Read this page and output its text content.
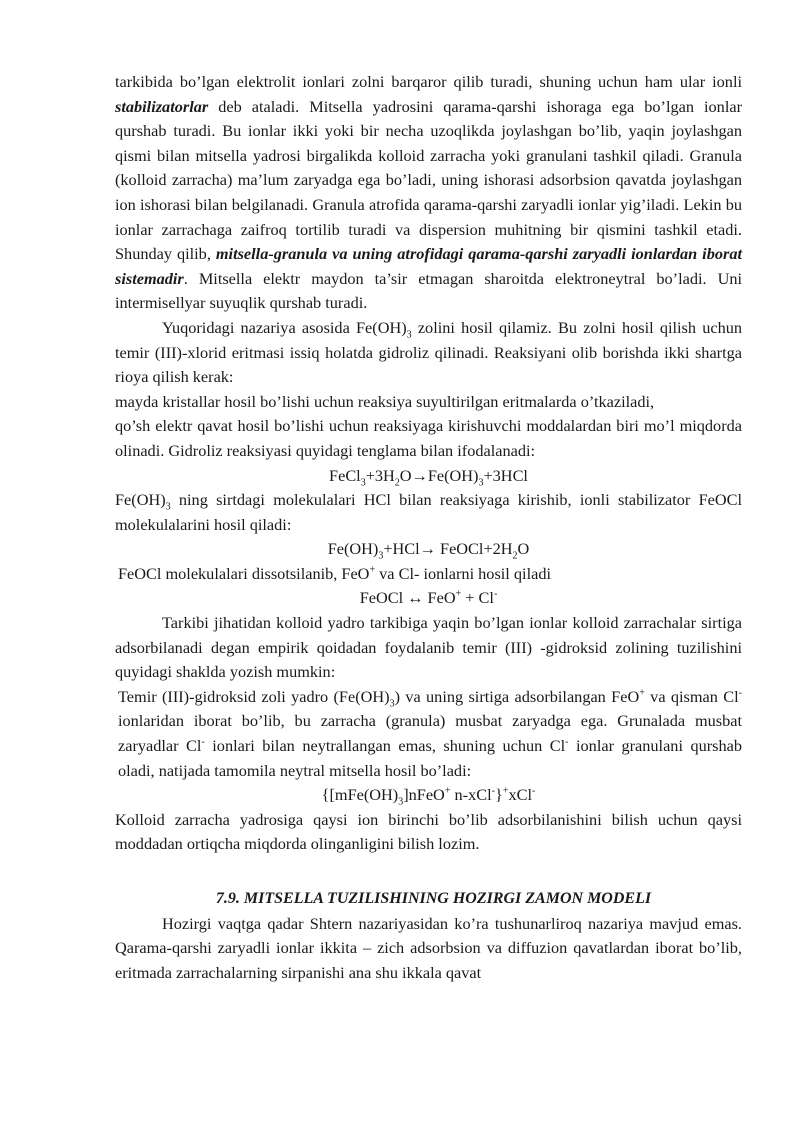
tarkibida bo’lgan elektrolit ionlari zolni barqaror qilib turadi, shuning uchun ham ular ionli stabilizatorlar deb ataladi. Mitsella yadrosini qarama-qarshi ishoraga ega bo’lgan ionlar qurshab turadi. Bu ionlar ikki yoki bir necha uzoqlikda joylashgan bo’lib, yaqin joylashgan qismi bilan mitsella yadrosi birgalikda kolloid zarracha yoki granulani tashkil qiladi. Granula (kolloid zarracha) ma’lum zaryadga ega bo’ladi, uning ishorasi adsorbsion qavatda joylashgan ion ishorasi bilan belgilanadi. Granula atrofida qarama-qarshi zaryadli ionlar yig’iladi. Lekin bu ionlar zarrachaga zaifroq tortilib turadi va dispersion muhitning bir qismini tashkil etadi. Shunday qilib, mitsella-granula va uning atrofidagi qarama-qarshi zaryadli ionlardan iborat sistemadir. Mitsella elektr maydon ta’sir etmagan sharoitda elektroneytral bo’ladi. Uni intermisellyar suyuqlik qurshab turadi.

Yuqoridagi nazariya asosida $Fe(OH)_3$ zolini hosil qilamiz. Bu zolni hosil qilish uchun temir (III)-xlorid eritmasi issiq holatda gidroliz qilinadi. Reaksiyani olib borishda ikki shartga rioya qilish kerak:

mayda kristallar hosil bo’lishi uchun reaksiya suyultirilgan eritmalarda o’tkaziladi,

qo’sh elektr qavat hosil bo’lishi uchun reaksiyaga kirishuvchi moddalardan biri mo’l miqdorda olinadi. Gidroliz reaksiyasi quyidagi tenglama bilan ifodalanadi:

$FeCl_3+3H_2O\to Fe(OH)_3+3HCl$

$Fe(OH)_3$ ning sirtdagi molekulalari HCl bilan reaksiyaga kirishib, ionli stabilizator FeOCl molekulalarini hosil qiladi:

$Fe(OH)_3+HCl\to$ $FeOCl+2H_2O$

FeOCl molekulalari dissotsilanib, FeO+ va Cl- ionlarni hosil qiladi

FeOCl ↔ FeO+ + Cl-

Tarkibi jihatidan kolloid yadro tarkibiga yaqin bo’lgan ionlar kolloid zarrachalar sirtiga adsorbilanadi degan empirik qoidadan foydalanib temir (III) -gidroksid zolining tuzilishini quyidagi shaklda yozish mumkin:

Temir (III)-gidroksid zoli yadro $(Fe(OH)_3)$ va uning sirtiga adsorbilangan FeO+ va qisman Cl- ionlaridan iborat bo’lib, bu zarracha (granula) musbat zaryadga ega. Grunalada musbat zaryadlar Cl- ionlari bilan neytrallangan emas, shuning uchun Cl- ionlar granulani qurshab oladi, natijada tamomila neytral mitsella hosil bo’ladi:

{$[mFe(OH)_3]nFeO^+$ n-xCl-}+xCl-

Kolloid zarracha yadrosiga qaysi ion birinchi bo’lib adsorbilanishini bilish uchun qaysi moddadan ortiqcha miqdorda olinganligini bilish lozim.

7.9. MITSELLA TUZILISHINING HOZIRGI ZAMON MODELI

Hozirgi vaqtga qadar Shtern nazariyasidan ko’ra tushunarliroq nazariya mavjud emas. Qarama-qarshi zaryadli ionlar ikkita – zich adsorbsion va diffuzion qavatlardan iborat bo’lib, eritmada zarrachalarning sirpanishi ana shu ikkala qavat
